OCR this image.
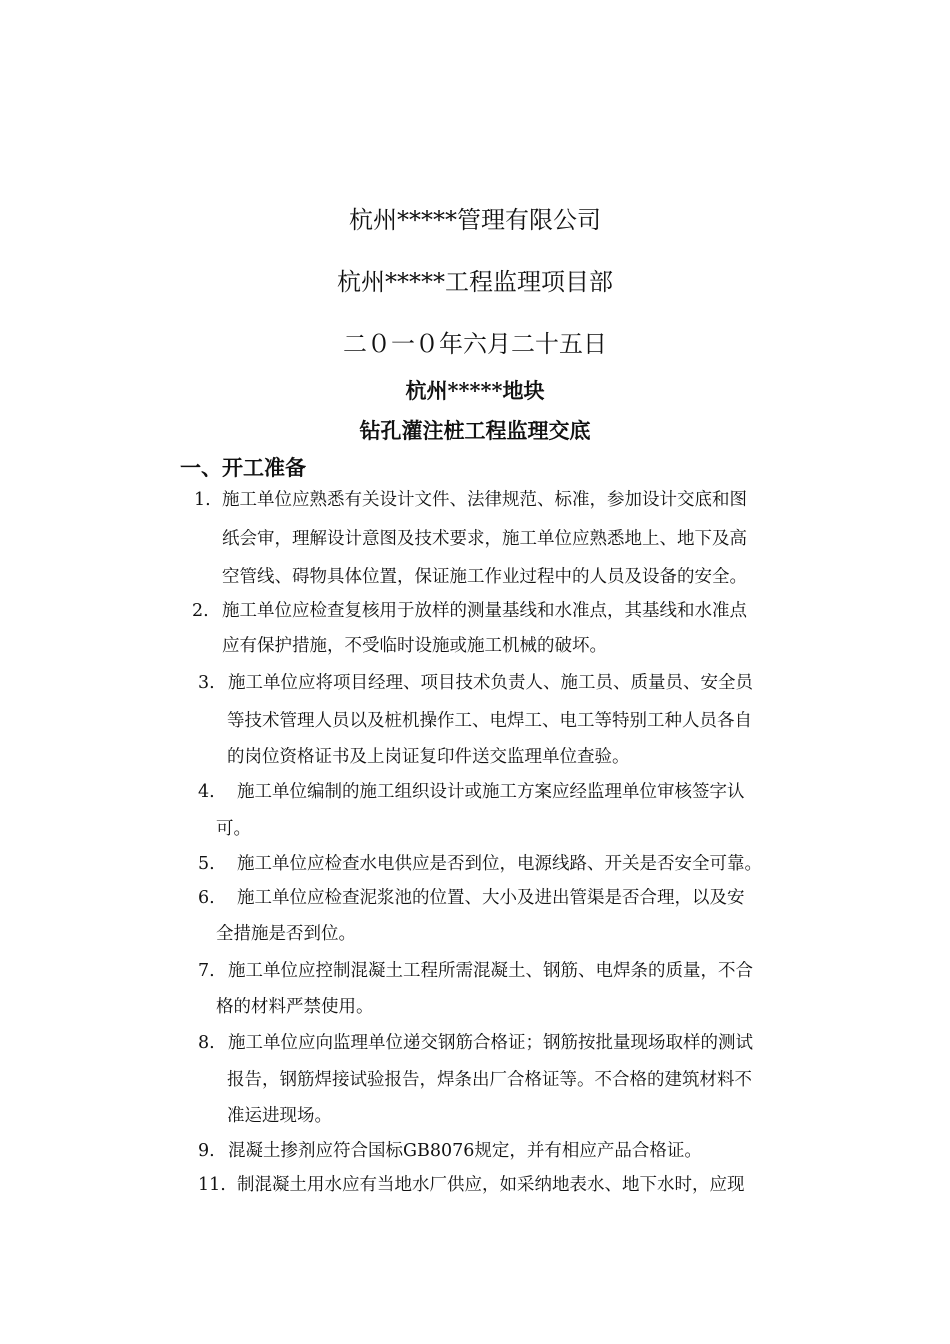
杭州*****管理有限公司
杭州*****工程监理项目部
二０一０年六月二十五日
杭州*****地块
钻孔灌注桩工程监理交底
一、开工准备
1. 施工单位应熟悉有关设计文件、法律规范、标准，参加设计交底和图
纸会审，理解设计意图及技术要求，施工单位应熟悉地上、地下及高
空管线、碍物具体位置，保证施工作业过程中的人员及设备的安全。
2. 施工单位应检查复核用于放样的测量基线和水准点，其基线和水准点
应有保护措施，不受临时设施或施工机械的破坏。
3. 施工单位应将项目经理、项目技术负责人、施工员、质量员、安全员
等技术管理人员以及桩机操作工、电焊工、电工等特别工种人员各自
的岗位资格证书及上岗证复印件送交监理单位查验。
4. 施工单位编制的施工组织设计或施工方案应经监理单位审核签字认
可。
5. 施工单位应检查水电供应是否到位，电源线路、开关是否安全可靠。
6. 施工单位应检查泥浆池的位置、大小及进出管渠是否合理，以及安
全措施是否到位。
7. 施工单位应控制混凝土工程所需混凝土、钢筋、电焊条的质量，不合
格的材料严禁使用。
8. 施工单位应向监理单位递交钢筋合格证；钢筋按批量现场取样的测试
报告，钢筋焊接试验报告，焊条出厂合格证等。不合格的建筑材料不
准运进现场。
9. 混凝土掺剂应符合国标GB8076规定，并有相应产品合格证。
11. 制混凝土用水应有当地水厂供应，如采纳地表水、地下水时，应现
